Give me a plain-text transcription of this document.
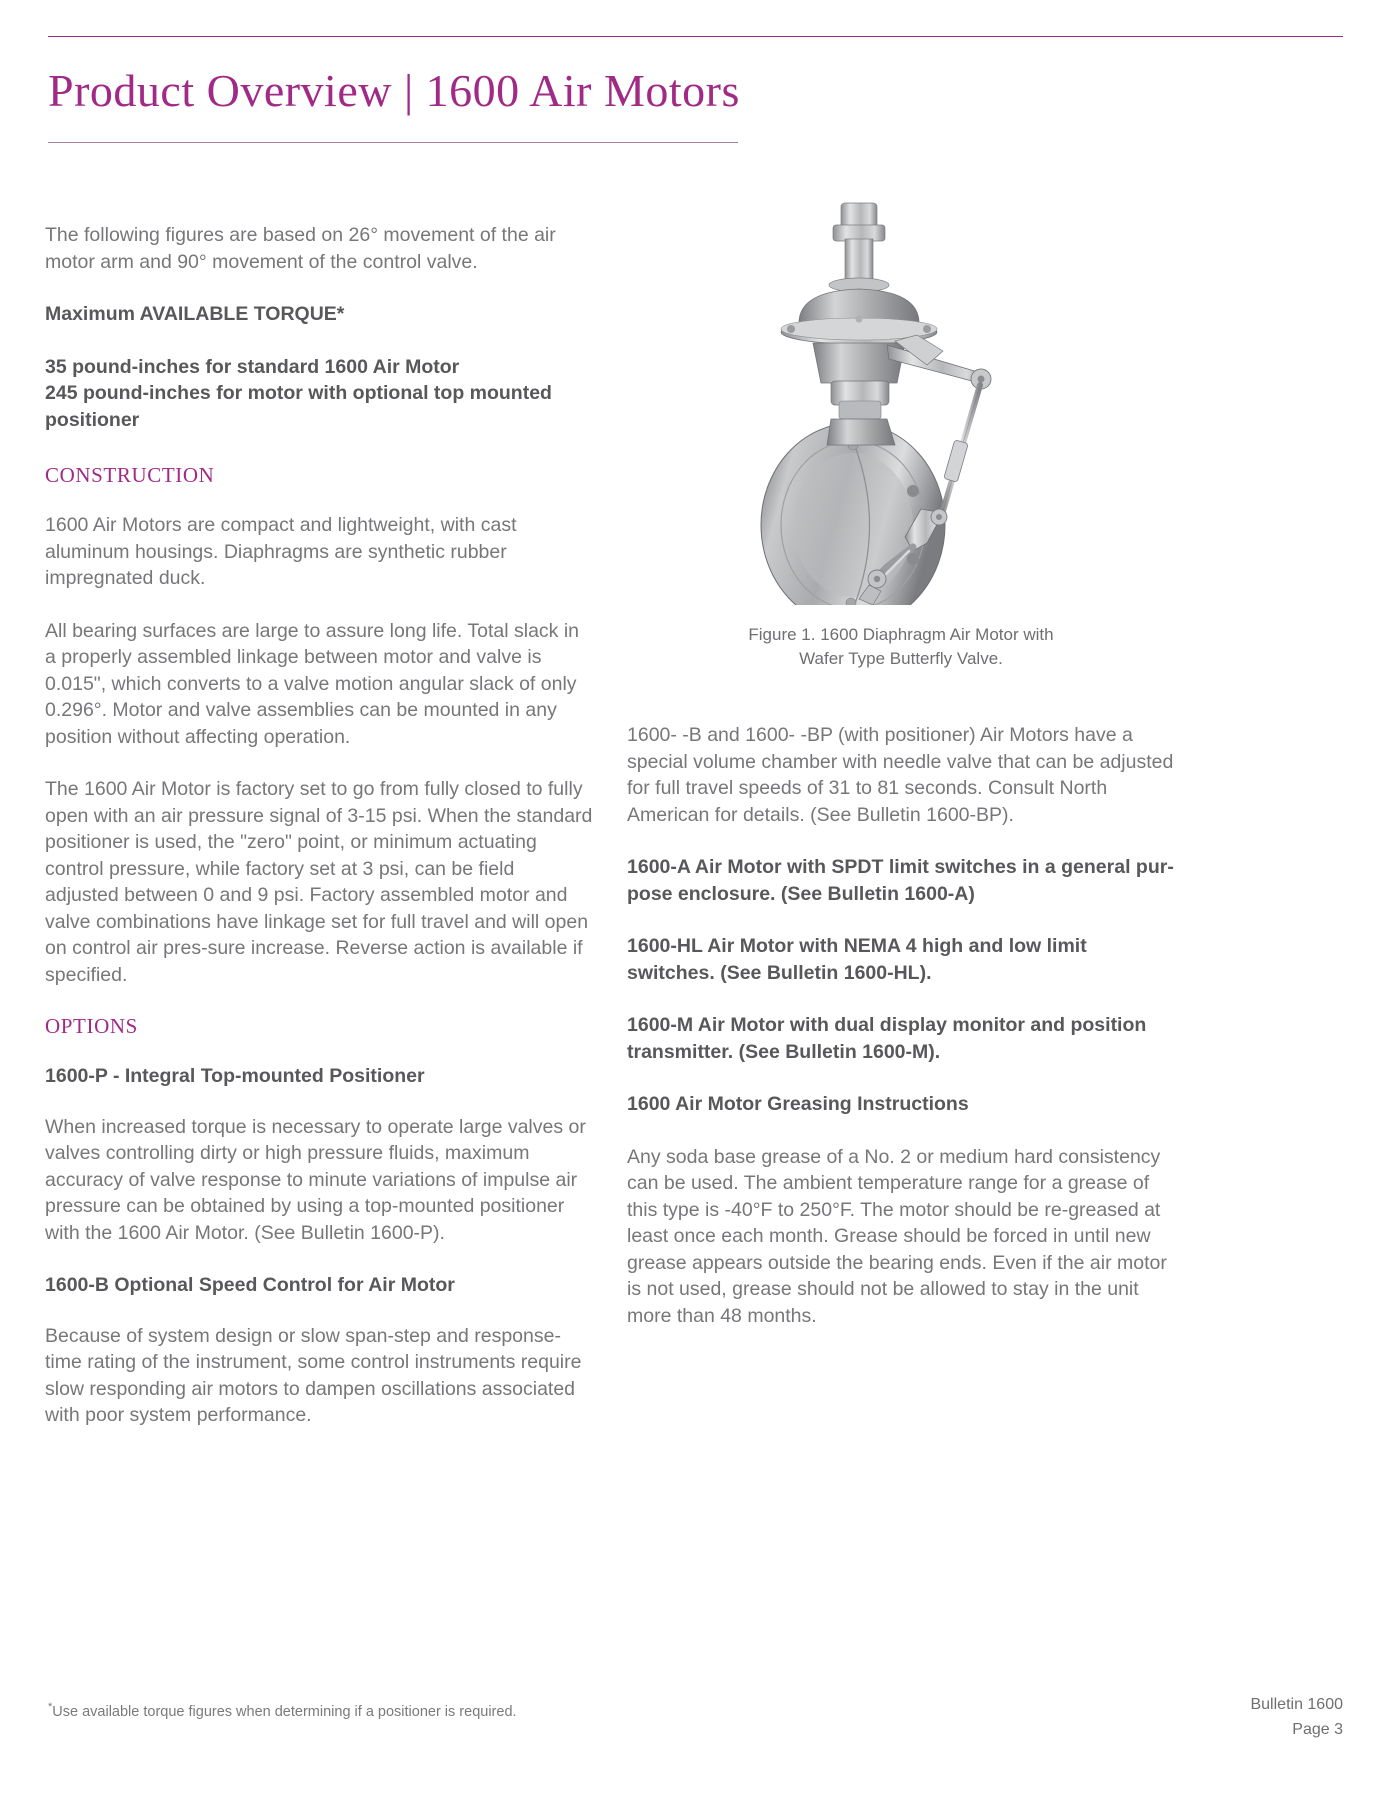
Product Overview | 1600 Air Motors

The following figures are based on 26° movement of the air motor arm and 90° movement of the control valve.

Maximum AVAILABLE TORQUE*

35 pound-inches for standard 1600 Air Motor
245 pound-inches for motor with optional top mounted
positioner

CONSTRUCTION

1600 Air Motors are compact and lightweight, with cast aluminum housings. Diaphragms are synthetic rubber impregnated duck.

All bearing surfaces are large to assure long life. Total slack in a properly assembled linkage between motor and valve is 0.015", which converts to a valve motion angular slack of only 0.296°. Motor and valve assemblies can be mounted in any position without affecting operation.

The 1600 Air Motor is factory set to go from fully closed to fully open with an air pressure signal of 3-15 psi. When the standard positioner is used, the "zero" point, or minimum actuating control pressure, while factory set at 3 psi, can be field adjusted between 0 and 9 psi. Factory assembled motor and valve combinations have linkage set for full travel and will open on control air pres-sure increase. Reverse action is available if specified.

OPTIONS
1600-P - Integral Top-mounted Positioner

When increased torque is necessary to operate large valves or valves controlling dirty or high pressure fluids, maximum accuracy of valve response to minute variations of impulse air pressure can be obtained by using a top-mounted positioner with the 1600 Air Motor. (See Bulletin 1600-P).

1600-B Optional Speed Control for Air Motor

Because of system design or slow span-step and response-time rating of the instrument, some control instruments require slow responding air motors to dampen oscillations associated with poor system performance.

Figure 1. 1600 Diaphragm Air Motor with
Wafer Type Butterfly Valve.

1600- -B and 1600- -BP (with positioner) Air Motors have a special volume chamber with needle valve that can be adjusted for full travel speeds of 31 to 81 seconds. Consult North American for details. (See Bulletin 1600-BP).

1600-A Air Motor with SPDT limit switches in a general pur-pose enclosure. (See Bulletin 1600-A)

1600-HL Air Motor with NEMA 4 high and low limit switches. (See Bulletin 1600-HL).

1600-M Air Motor with dual display monitor and position transmitter. (See Bulletin 1600-M).

1600 Air Motor Greasing Instructions

Any soda base grease of a No. 2 or medium hard consistency can be used. The ambient temperature range for a grease of this type is -40°F to 250°F. The motor should be re-greased at least once each month. Grease should be forced in until new grease appears outside the bearing ends. Even if the air motor is not used, grease should not be allowed to stay in the unit more than 48 months.

*Use available torque figures when determining if a positioner is required.	Bulletin 1600
Page 3
